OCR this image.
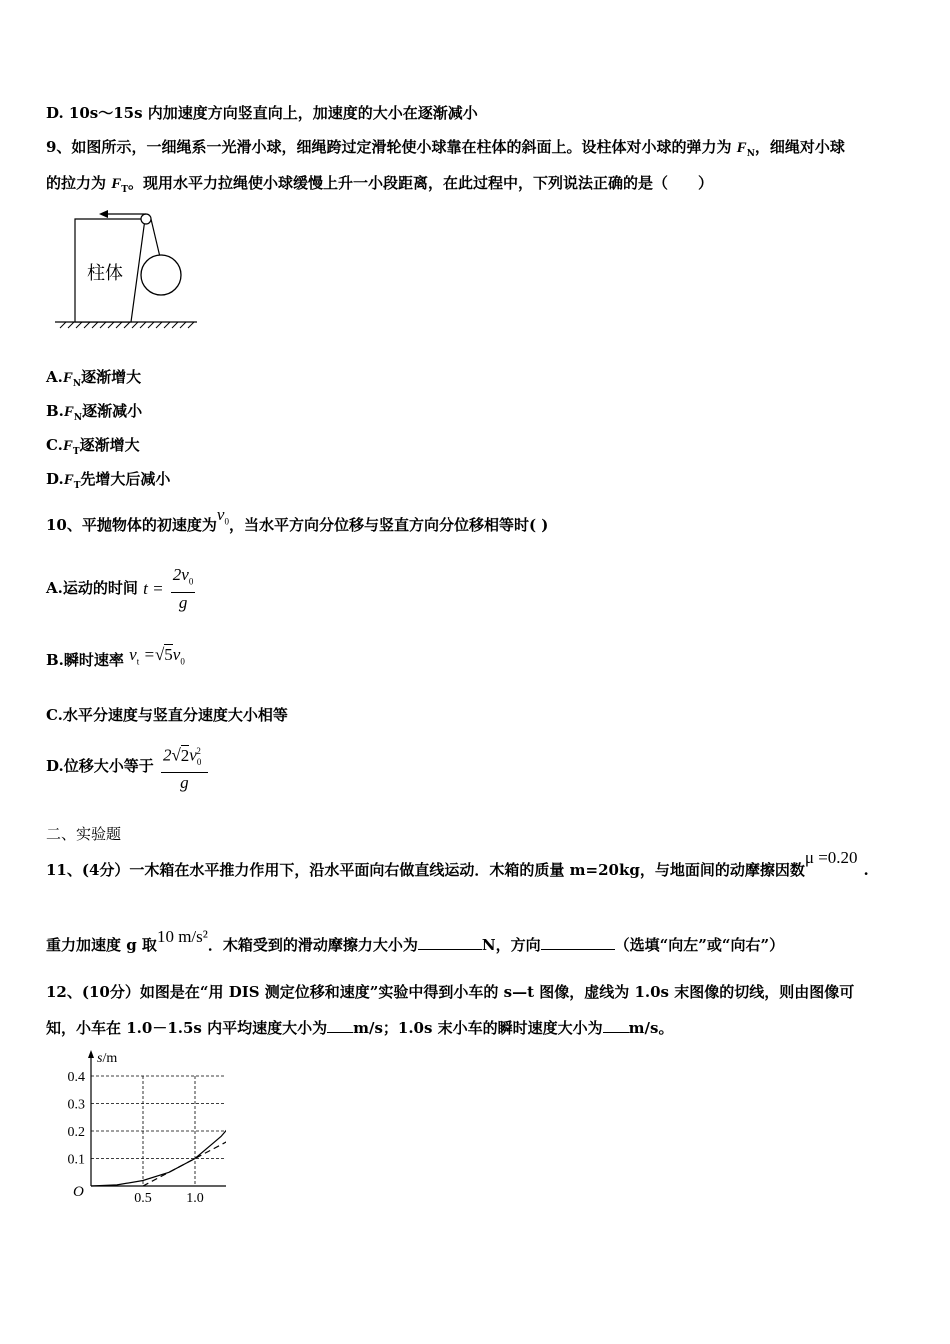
D. 10s～15s 内加速度方向竖直向上，加速度的大小在逐渐减小
9、如图所示，一细绳系一光滑小球，细绳跨过定滑轮使小球靠在柱体的斜面上。设柱体对小球的弹力为 $F_N$，细绳对小球
的拉力为 $F_T$。现用水平力拉绳使小球缓慢上升一小段距离，在此过程中，下列说法正确的是（　　）
柱体
$A.F_N$逐渐增大
$B.F_N$逐渐减小
$C.F_T$逐渐增大
$D.F_T$先增大后减小
10、平抛物体的初速度为$v_0$，当水平方向分位移与竖直方向分位移相等时( )
A.运动的时间 $t = \frac{2v_0}{g}$
B.瞬时速率 $v_t =√5v_0$
C.水平分速度与竖直分速度大小相等
D.位移大小等于 $\frac{2√2v_0^2}{g}$
二、实验题
11、(4分）一木箱在水平推力作用下，沿水平面向右做直线运动．木箱的质量 m=20kg，与地面间的动摩擦因数μ =0.20.
重力加速度 g 取10 m/s²．木箱受到的滑动摩擦力大小为	N，方向	（选填“向左”或“向右”）
12、(10分）如图是在“用 DIS 测定位移和速度”实验中得到小车的 s—t 图像，虚线为 1.0s 末图像的切线，则由图像可
知，小车在 1.0－1.5s 内平均速度大小为 m/s；1.0s 末小车的瞬时速度大小为 m/s。
0.5 1.0
0.1
0.2
0.3
0.4
O
s/m
